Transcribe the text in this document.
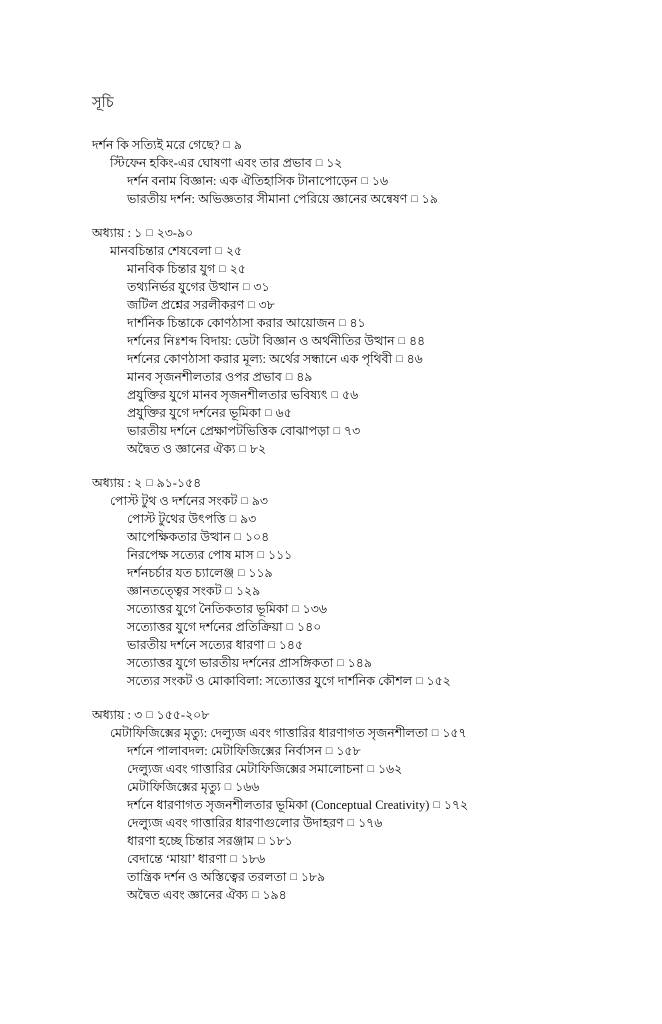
সূচি
দর্শন কি সত্যিই মরে গেছে? □ ৯
স্টিফেন হকিং-এর ঘোষণা এবং তার প্রভাব □ ১২
দর্শন বনাম বিজ্ঞান: এক ঐতিহাসিক টানাপোড়েন □ ১৬
ভারতীয় দর্শন: অভিজ্ঞতার সীমানা পেরিয়ে জ্ঞানের অন্বেষণ □ ১৯
অধ্যায় : ১ □ ২৩-৯০
মানবচিন্তার শেষবেলা □ ২৫
মানবিক চিন্তার যুগ □ ২৫
তথ্যনির্ভর যুগের উত্থান □ ৩১
জটিল প্রশ্নের সরলীকরণ □ ৩৮
দার্শনিক চিন্তাকে কোণঠাসা করার আয়োজন □ ৪১
দর্শনের নিঃশব্দ বিদায়: ডেটা বিজ্ঞান ও অর্থনীতির উত্থান □ ৪৪
দর্শনের কোণঠাসা করার মূল্য: অর্থের সন্ধানে এক পৃথিবী □ ৪৬
মানব সৃজনশীলতার ওপর প্রভাব □ ৪৯
প্রযুক্তির যুগে মানব সৃজনশীলতার ভবিষ্যৎ □ ৫৬
প্রযুক্তির যুগে দর্শনের ভূমিকা □ ৬৫
ভারতীয় দর্শনে প্রেক্ষাপটভিত্তিক বোঝাপড়া □ ৭৩
অদ্বৈত ও জ্ঞানের ঐক্য □ ৮২
অধ্যায় : ২ □ ৯১-১৫৪
পোস্ট টুথ ও দর্শনের সংকট □ ৯৩
পোস্ট টুথের উৎপত্তি □ ৯৩
আপেক্ষিকতার উত্থান □ ১০৪
নিরপেক্ষ সত্যের পোষ মাস □ ১১১
দর্শনচর্চার যত চ্যালেঞ্জ □ ১১৯
জ্ঞানতত্ত্বের সংকট □ ১২৯
সত্যোত্তর যুগে নৈতিকতার ভূমিকা □ ১৩৬
সত্যোত্তর যুগে দর্শনের প্রতিক্রিয়া □ ১৪০
ভারতীয় দর্শনে সত্যের ধারণা □ ১৪৫
সত্যোত্তর যুগে ভারতীয় দর্শনের প্রাসঙ্গিকতা □ ১৪৯
সত্যের সংকট ও মোকাবিলা: সত্যোত্তর যুগে দার্শনিক কৌশল □ ১৫২
অধ্যায় : ৩ □ ১৫৫-২০৮
মেটাফিজিক্সের মৃত্যু: দেল্যুজ এবং গাত্তারির ধারণাগত সৃজনশীলতা □ ১৫৭
দর্শনে পালাবদল: মেটাফিজিক্সের নির্বাসন □ ১৫৮
দেল্যুজ এবং গাত্তারির মেটাফিজিক্সের সমালোচনা □ ১৬২
মেটাফিজিক্সের মৃত্যু □ ১৬৬
দর্শনে ধারণাগত সৃজনশীলতার ভূমিকা (Conceptual Creativity) □ ১৭২
দেল্যুজ এবং গাত্তারির ধারণাগুলোর উদাহরণ □ ১৭৬
ধারণা হচ্ছে চিন্তার সরঞ্জাম □ ১৮১
বেদান্তে ‘মায়া’ ধারণা □ ১৮৬
তান্ত্রিক দর্শন ও অস্তিত্বের তরলতা □ ১৮৯
অদ্বৈত এবং জ্ঞানের ঐক্য □ ১৯৪
